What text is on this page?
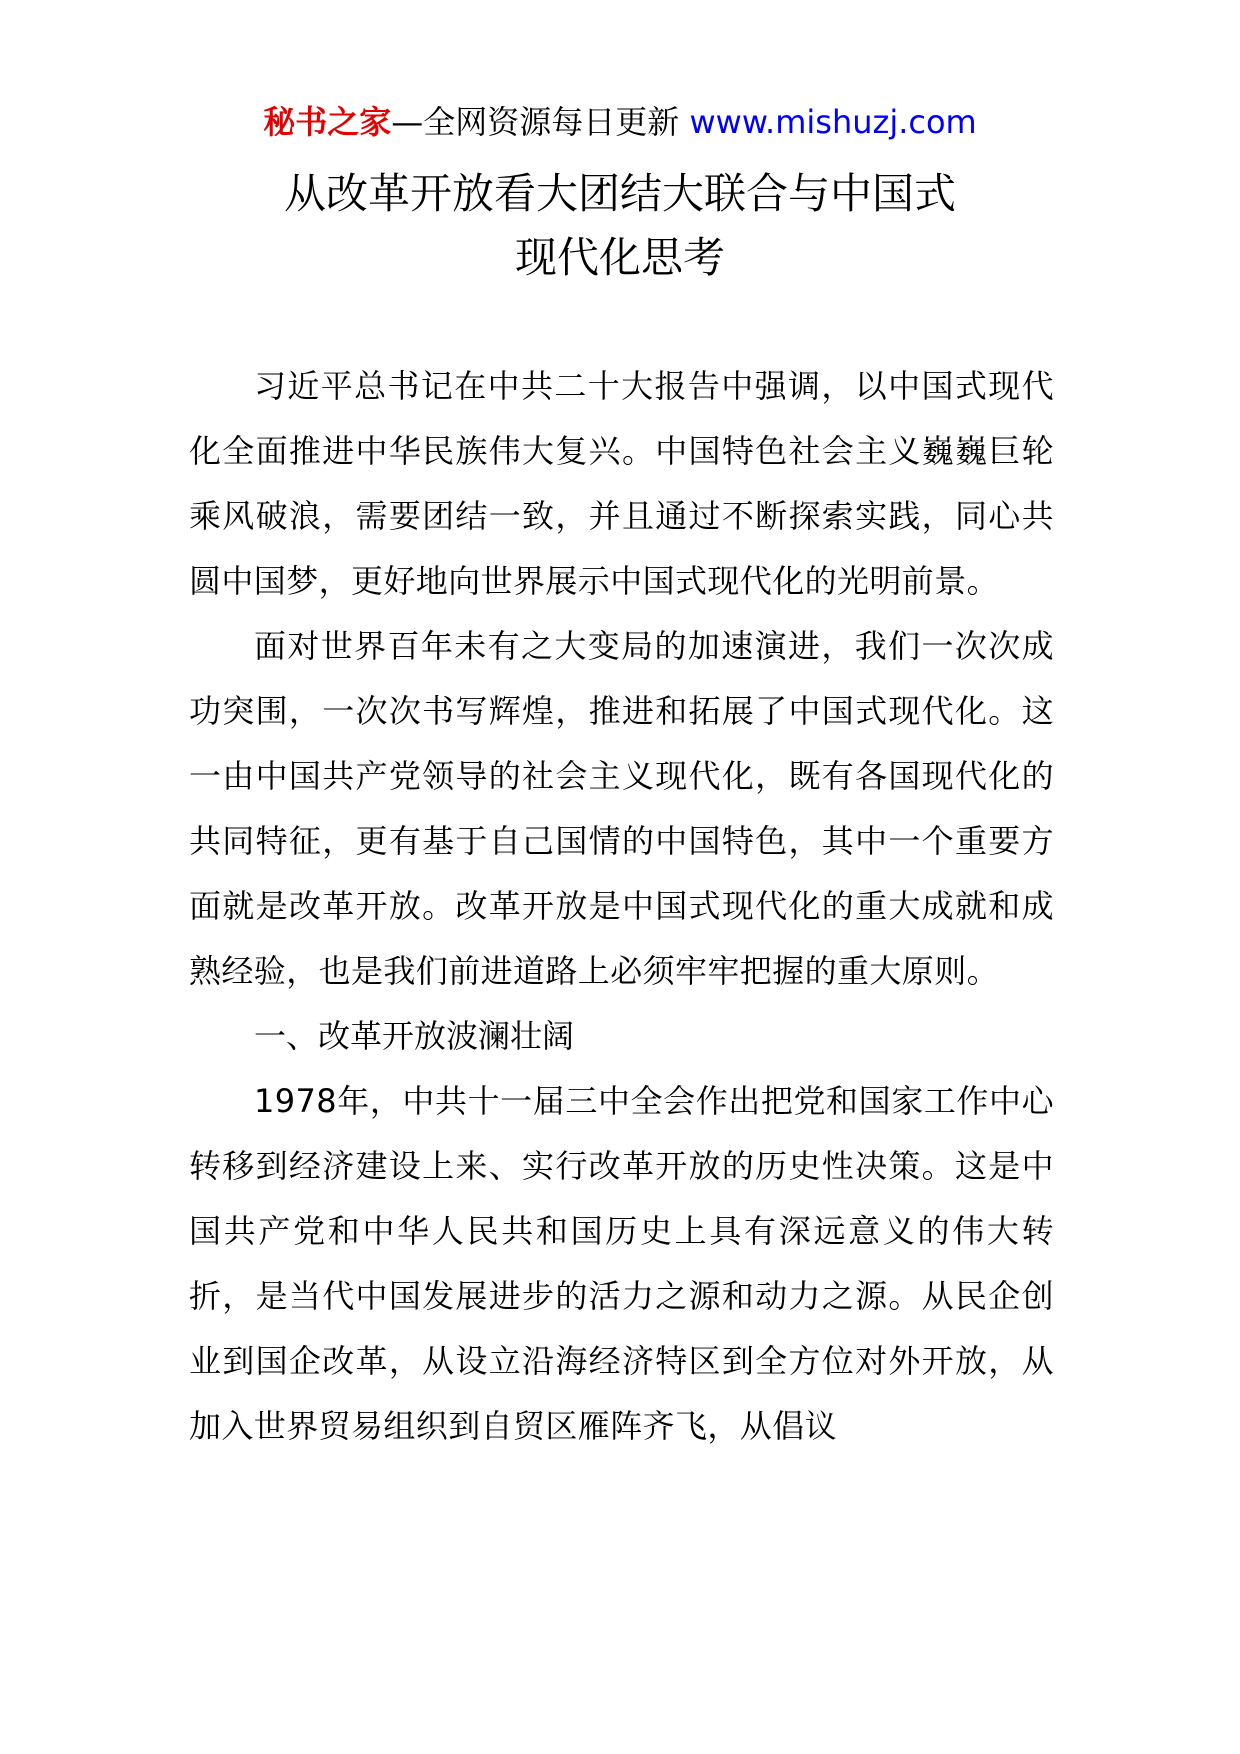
秘书之家—全网资源每日更新 www.mishuzj.com
从改革开放看大团结大联合与中国式
现代化思考

习近平总书记在中共二十大报告中强调，以中国式现代化全面推进中华民族伟大复兴。中国特色社会主义巍巍巨轮乘风破浪，需要团结一致，并且通过不断探索实践，同心共圆中国梦，更好地向世界展示中国式现代化的光明前景。

面对世界百年未有之大变局的加速演进，我们一次次成功突围，一次次书写辉煌，推进和拓展了中国式现代化。这一由中国共产党领导的社会主义现代化，既有各国现代化的共同特征，更有基于自己国情的中国特色，其中一个重要方面就是改革开放。改革开放是中国式现代化的重大成就和成熟经验，也是我们前进道路上必须牢牢把握的重大原则。

一、改革开放波澜壮阔

1978年，中共十一届三中全会作出把党和国家工作中心转移到经济建设上来、实行改革开放的历史性决策。这是中国共产党和中华人民共和国历史上具有深远意义的伟大转折，是当代中国发展进步的活力之源和动力之源。从民企创业到国企改革，从设立沿海经济特区到全方位对外开放，从加入世界贸易组织到自贸区雁阵齐飞，从倡议
